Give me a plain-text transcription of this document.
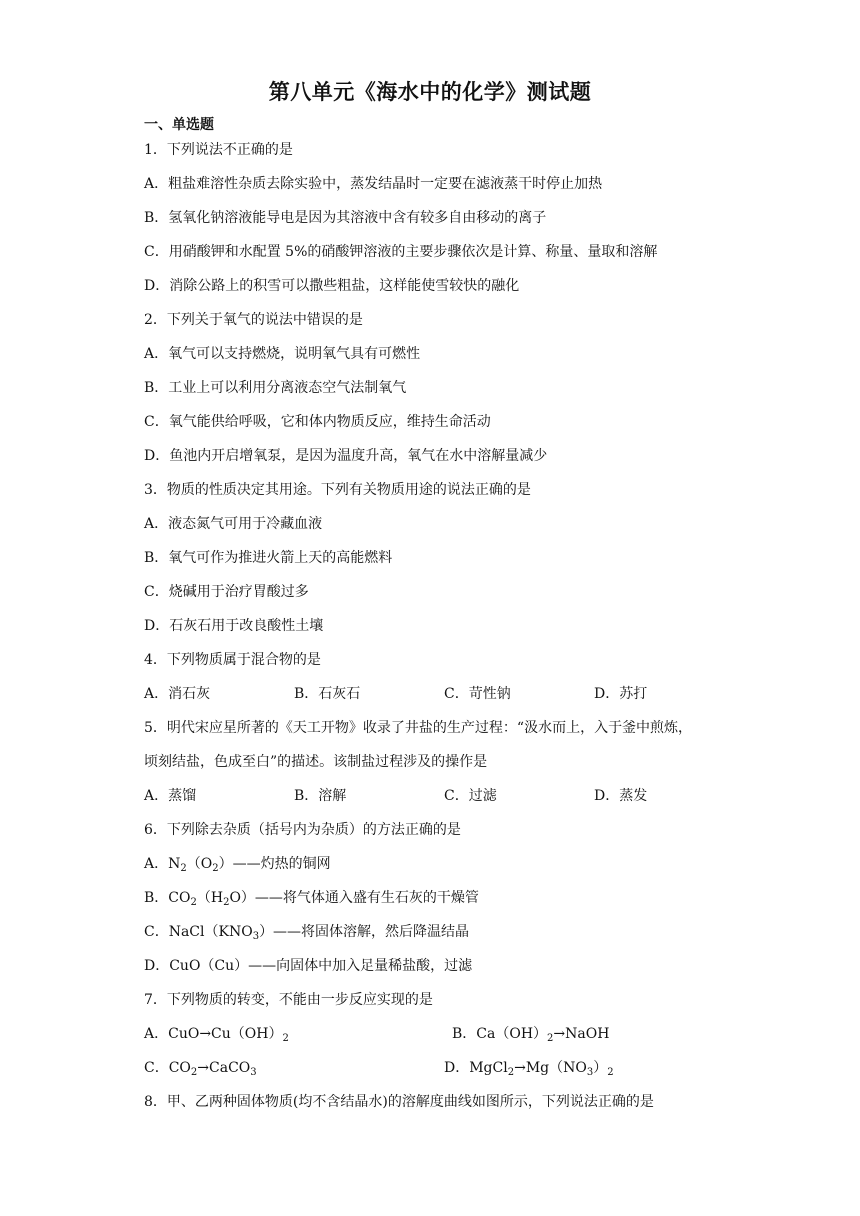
第八单元《海水中的化学》测试题
一、单选题
1．下列说法不正确的是
A．粗盐难溶性杂质去除实验中，蒸发结晶时一定要在滤液蒸干时停止加热
B．氢氧化钠溶液能导电是因为其溶液中含有较多自由移动的离子
C．用硝酸钾和水配置 5%的硝酸钾溶液的主要步骤依次是计算、称量、量取和溶解
D．消除公路上的积雪可以撒些粗盐，这样能使雪较快的融化
2．下列关于氧气的说法中错误的是
A．氧气可以支持燃烧，说明氧气具有可燃性
B．工业上可以利用分离液态空气法制氧气
C．氧气能供给呼吸，它和体内物质反应，维持生命活动
D．鱼池内开启增氧泵，是因为温度升高，氧气在水中溶解量减少
3．物质的性质决定其用途。下列有关物质用途的说法正确的是
A．液态氮气可用于冷藏血液
B．氧气可作为推进火箭上天的高能燃料
C．烧碱用于治疗胃酸过多
D．石灰石用于改良酸性土壤
4．下列物质属于混合物的是
A．消石灰	B．石灰石	C．苛性钠	D．苏打
5．明代宋应星所著的《天工开物》收录了井盐的生产过程：“汲水而上，入于釜中煎炼，
顷刻结盐，色成至白”的描述。该制盐过程涉及的操作是
A．蒸馏	B．溶解	C．过滤	D．蒸发
6．下列除去杂质（括号内为杂质）的方法正确的是
A．$N_2(O_2)——$灼热的铜网
B．$CO_2(H_2O)——$将气体通入盛有生石灰的干燥管
C．$NaCl(KNO_3)——$将固体溶解，然后降温结晶
D．CuO（Cu）——向固体中加入足量稀盐酸，过滤
7．下列物质的转变，不能由一步反应实现的是
A．$CuO\to Cu(OH)_2$	B．$Ca(OH)_2\to NaOH$
C．$CO_2\to CaCO_3$	D．$MgCl_2\to Mg(NO_3)_2$
8．甲、乙两种固体物质(均不含结晶水)的溶解度曲线如图所示，下列说法正确的是
